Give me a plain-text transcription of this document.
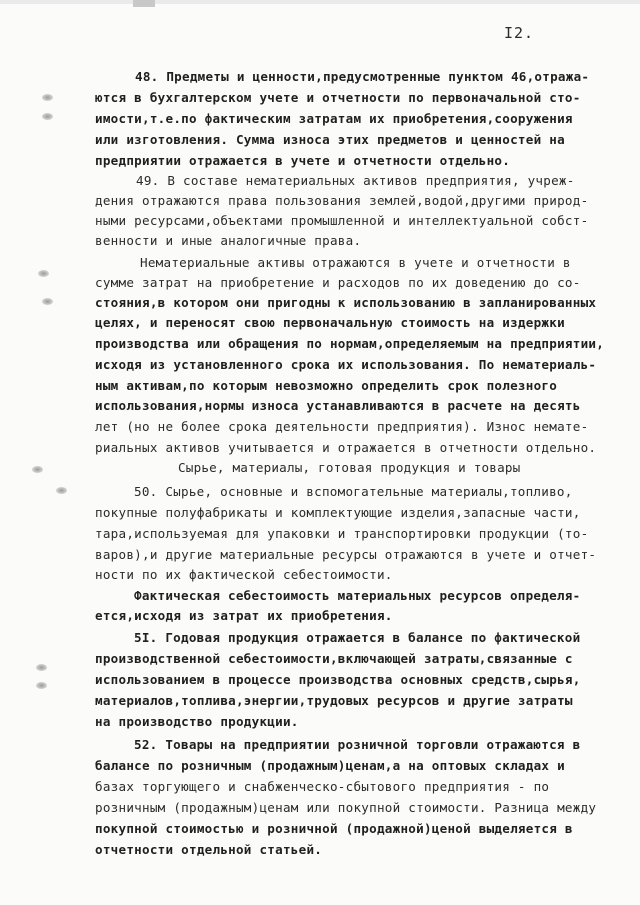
I2.
48. Предметы и ценности,предусмотренные пунктом 46,отража-
ются в бухгалтерском учете и отчетности по первоначальной сто-
имости,т.е.по фактическим затратам их приобретения,сооружения
или изготовления. Сумма износа этих предметов и ценностей на
предприятии отражается в учете и отчетности отдельно.
49. В составе нематериальных активов предприятия, учреж-
дения отражаются права пользования землей,водой,другими природ-
ными ресурсами,объектами промышленной и интеллектуальной собст-
венности и иные аналогичные права.
Нематериальные активы отражаются в учете и отчетности в
сумме затрат на приобретение и расходов по их доведению до со-
стояния,в котором они пригодны к использованию в запланированных
целях, и переносят свою первоначальную стоимость на издержки
производства или обращения по нормам,определяемым на предприятии,
исходя из установленного срока их использования. По нематериаль-
ным активам,по которым невозможно определить срок полезного
использования,нормы износа устанавливаются в расчете на десять
лет (но не более срока деятельности предприятия). Износ немате-
риальных активов учитывается и отражается в отчетности отдельно.
Сырье, материалы, готовая продукция и товары
50. Сырье, основные и вспомогательные материалы,топливо,
покупные полуфабрикаты и комплектующие изделия,запасные части,
тара,используемая для упаковки и транспортировки продукции (то-
варов),и другие материальные ресурсы отражаются в учете и отчет-
ности по их фактической себестоимости.
Фактическая себестоимость материальных ресурсов определя-
ется,исходя из затрат их приобретения.
5I. Годовая продукция отражается в балансе по фактической
производственной себестоимости,включающей затраты,связанные с
использованием в процессе производства основных средств,сырья,
материалов,топлива,энергии,трудовых ресурсов и другие затраты
на производство продукции.
52. Товары на предприятии розничной торговли отражаются в
балансе по розничным (продажным)ценам,а на оптовых складах и
базах торгующего и снабженческо-сбытового предприятия - по
розничным (продажным)ценам или покупной стоимости. Разница между
покупной стоимостью и розничной (продажной)ценой выделяется в
отчетности отдельной статьей.
